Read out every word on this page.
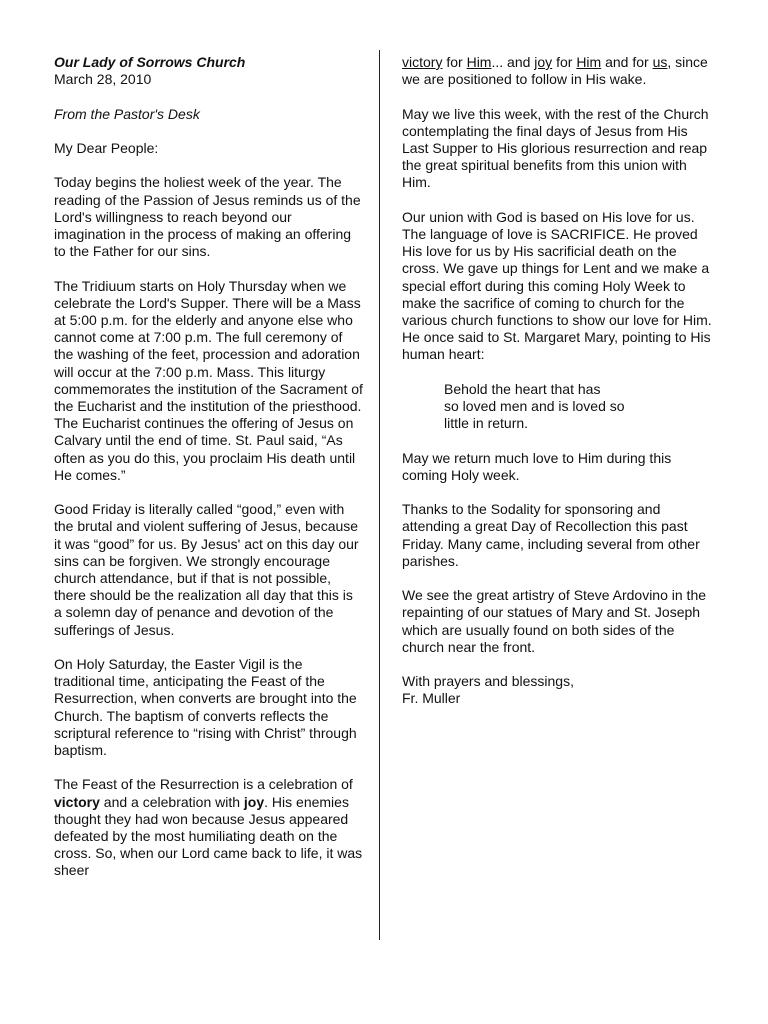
Our Lady of Sorrows Church

March 28, 2010

From the Pastor's Desk

My Dear People:

Today begins the holiest week of the year. The reading of the Passion of Jesus reminds us of the Lord's willingness to reach beyond our imagination in the process of making an offering to the Father for our sins.

The Tridiuum starts on Holy Thursday when we celebrate the Lord's Supper. There will be a Mass at 5:00 p.m. for the elderly and anyone else who cannot come at 7:00 p.m. The full ceremony of the washing of the feet, procession and adoration will occur at the 7:00 p.m. Mass. This liturgy commemorates the institution of the Sacrament of the Eucharist and the institution of the priesthood. The Eucharist continues the offering of Jesus on Calvary until the end of time. St. Paul said, “As often as you do this, you proclaim His death until He comes.”

Good Friday is literally called “good,” even with the brutal and violent suffering of Jesus, because it was “good” for us. By Jesus' act on this day our sins can be forgiven. We strongly encourage church attendance, but if that is not possible, there should be the realization all day that this is a solemn day of penance and devotion of the sufferings of Jesus.

On Holy Saturday, the Easter Vigil is the traditional time, anticipating the Feast of the Resurrection, when converts are brought into the Church. The baptism of converts reflects the scriptural reference to “rising with Christ” through baptism.

The Feast of the Resurrection is a celebration of victory and a celebration with joy. His enemies thought they had won because Jesus appeared defeated by the most humiliating death on the cross. So, when our Lord came back to life, it was sheer

victory for Him... and joy for Him and for us, since we are positioned to follow in His wake.

May we live this week, with the rest of the Church contemplating the final days of Jesus from His Last Supper to His glorious resurrection and reap the great spiritual benefits from this union with Him.

Our union with God is based on His love for us. The language of love is SACRIFICE. He proved His love for us by His sacrificial death on the cross. We gave up things for Lent and we make a special effort during this coming Holy Week to make the sacrifice of coming to church for the various church functions to show our love for Him. He once said to St. Margaret Mary, pointing to His human heart:

Behold the heart that has
so loved men and is loved so
little in return.

May we return much love to Him during this coming Holy week.

Thanks to the Sodality for sponsoring and attending a great Day of Recollection this past Friday. Many came, including several from other parishes.

We see the great artistry of Steve Ardovino in the repainting of our statues of Mary and St. Joseph which are usually found on both sides of the church near the front.

With prayers and blessings,
Fr. Muller
